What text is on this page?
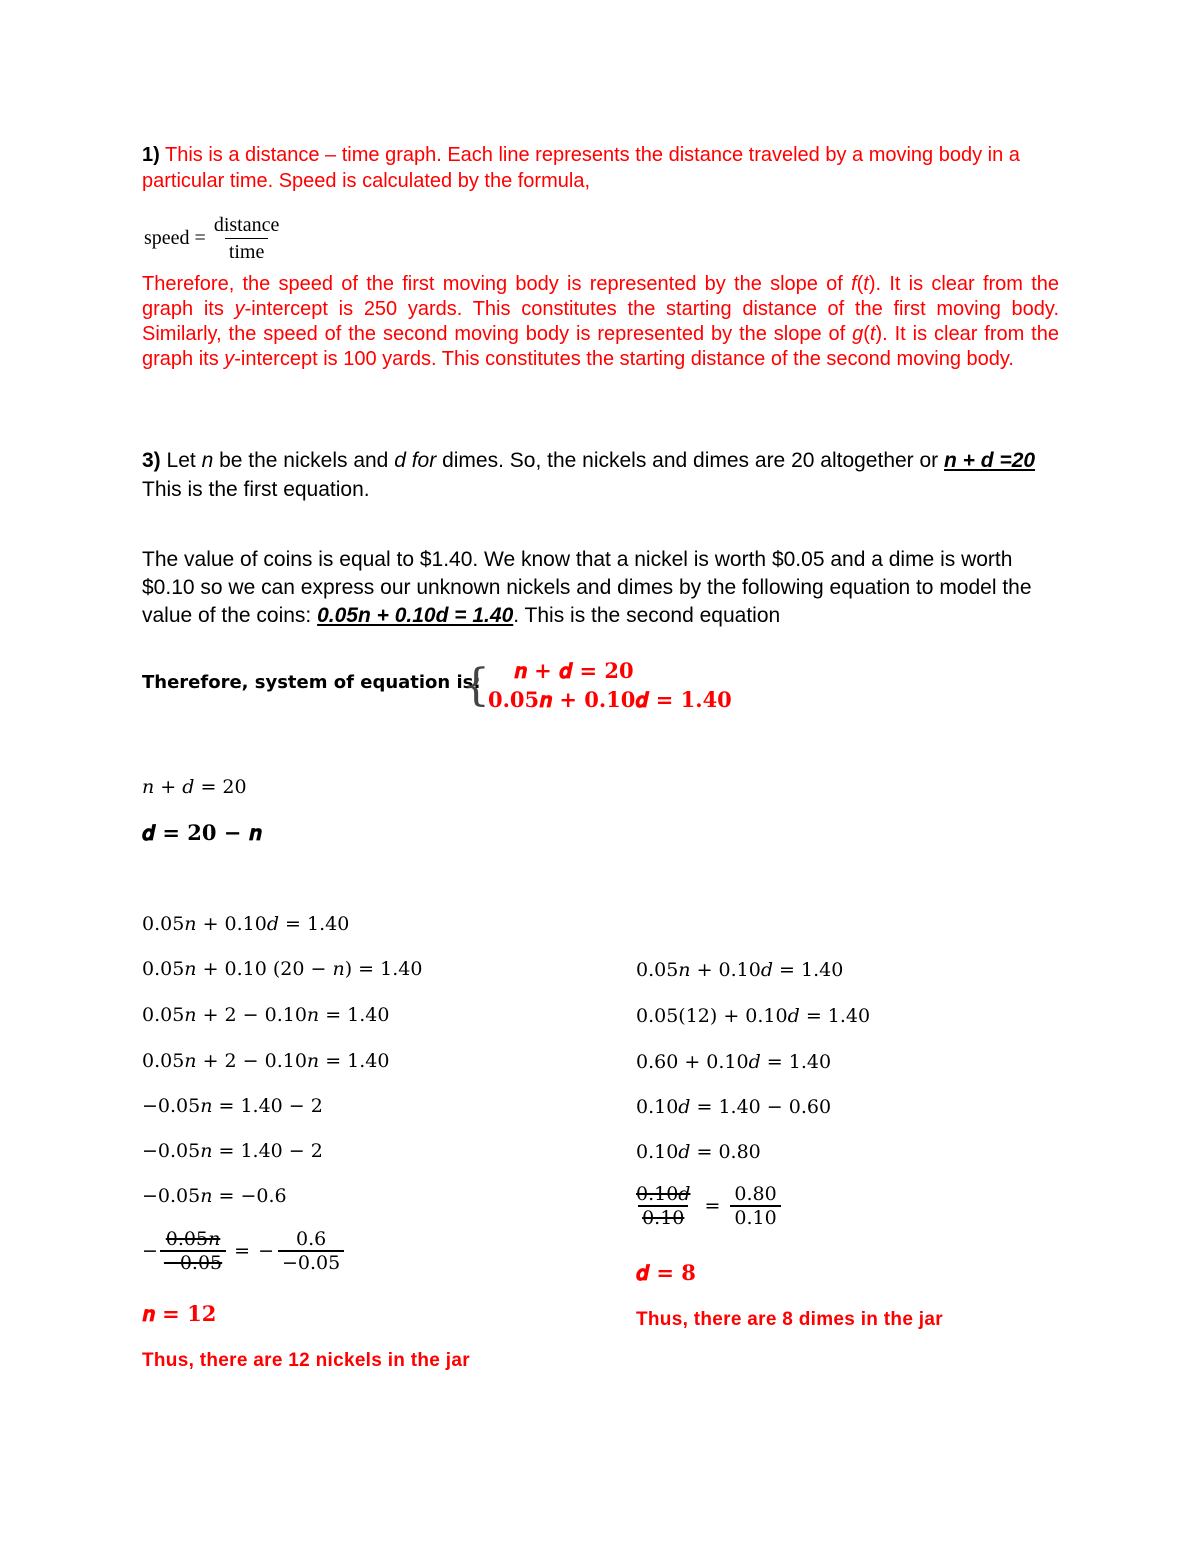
1) This is a distance – time graph. Each line represents the distance traveled by a moving body in a particular time. Speed is calculated by the formula,
speed = $\frac{\text{distance}}{\text{time}}$
Therefore, the speed of the first moving body is represented by the slope of f(t). It is clear from the graph its y-intercept is 250 yards. This constitutes the starting distance of the first moving body. Similarly, the speed of the second moving body is represented by the slope of g(t). It is clear from the graph its y-intercept is 100 yards. This constitutes the starting distance of the second moving body.
3) Let n be the nickels and d for dimes. So, the nickels and dimes are 20 altogether or n + d =20 This is the first equation.
The value of coins is equal to $1.40. We know that a nickel is worth $0.05 and a dime is worth $0.10 so we can express our unknown nickels and dimes by the following equation to model the value of the coins: 0.05n + 0.10d = 1.40. This is the second equation
Therefore, system of equation is:
{ 𝒏 + 𝒅 = 𝟐𝟎
𝟎.𝟎𝟓𝒏 + 𝟎.𝟏𝟎𝒅 = 𝟏.𝟒𝟎
𝑛 + 𝑑 = 20
𝒅 = 𝟐𝟎 − 𝒏
0.05𝑛 + 0.10𝑑 = 1.40
0.05𝑛 + 0.10 (20 − 𝑛) = 1.40
0.05𝑛 + 2 − 0.10𝑛 = 1.40
0.05𝑛 + 2 − 0.10𝑛 = 1.40
−0.05𝑛 = 1.40 − 2
−0.05𝑛 = 1.40 − 2
−0.05𝑛 = −0.6
− $\frac{\text{0.05𝑛}}{-0.05}$ = − $\frac{0.6}{-0.05}$
𝒏 = 𝟏𝟐
Thus, there are 12 nickels in the jar
0.05𝑛 + 0.10𝑑 = 1.40
0.05(12) + 0.10𝑑 = 1.40
0.60 + 0.10𝑑 = 1.40
0.10𝑑 = 1.40 − 0.60
0.10𝑑 = 0.80
$\frac{\text{0.10𝑑}}{0.10} = \frac{0.80}{0.10}$
𝒅 = 𝟖
Thus, there are 8 dimes in the jar
